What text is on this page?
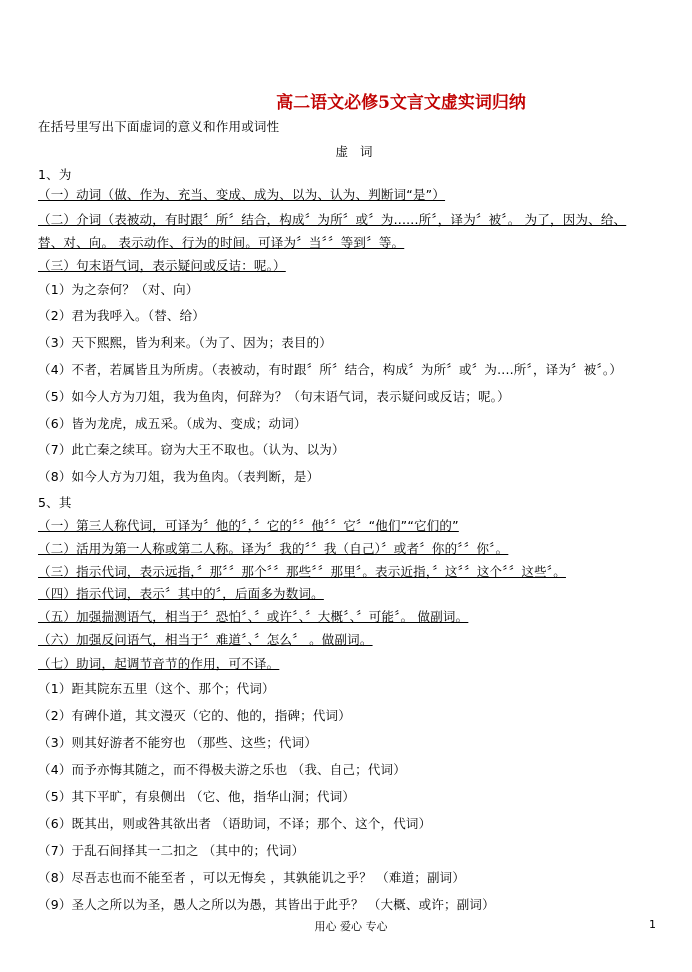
高二语文必修5文言文虚实词归纳
在括号里写出下面虚词的意义和作用或词性
虚 词
1、为
（一）动词（做、作为、充当、变成、成为、以为、认为、判断词“是”）
（二）介词（表被动，有时跟〞所〞结合，构成〞为所〞或〞为......所〞，译为〞被〞。 为了，因为、给、
替、对、向。 表示动作、行为的时间。可译为〞当〞〞等到〞等。
（三）句末语气词，表示疑问或反诘：呢。）
（1）为之奈何？（对、向）
（2）君为我呼入。（替、给）
（3）天下熙熙，皆为利来。（为了、因为；表目的）
（4）不者，若属皆且为所虏。（表被动，有时跟〞所〞结合，构成〞为所〞或〞为....所〞，译为〞被〞。）
（5）如今人方为刀俎，我为鱼肉，何辞为？（句末语气词，表示疑问或反诘；呢。）
（6）皆为龙虎，成五采。（成为、变成；动词）
（7）此亡秦之续耳。窃为大王不取也。（认为、以为）
（8）如今人方为刀俎，我为鱼肉。（表判断，是）
5、其
（一）第三人称代词，可译为〞他的〞，〞它的〞〞他〞〞它〞“他们”“它们的”
（二）活用为第一人称或第二人称。译为〞我的〞〞我（自己）〞或者〞你的〞〞你〞。
（三）指示代词，表示远指，〞那〞〞那个〞〞那些〞〞那里〞。表示近指，〞这〞〞这个〞〞这些〞。
（四）指示代词，表示〞其中的〞，后面多为数词。
（五）加强揣测语气，相当于〞恐怕〞、〞或许〞、〞大概〞、〞可能〞。 做副词。
（六）加强反问语气，相当于〞难道〞、〞怎么〞 。做副词。
（七）助词，起调节音节的作用，可不译。
（1）距其院东五里（这个、那个；代词）
（2）有碑仆道，其文漫灭（它的、他的，指碑；代词）
（3）则其好游者不能穷也 （那些、这些；代词）
（4）而予亦悔其随之，而不得极夫游之乐也 （我、自己；代词）
（5）其下平旷，有泉侧出 （它、他，指华山洞；代词）
（6）既其出，则或咎其欲出者 （语助词，不译；那个、这个，代词）
（7）于乱石间择其一二扣之 （其中的；代词）
（8）尽吾志也而不能至者 ，可以无悔矣 ，其孰能讥之乎？ （难道；副词）
（9）圣人之所以为圣，愚人之所以为愚，其皆出于此乎？ （大概、或许；副词）
用心 爱心 专心	1
